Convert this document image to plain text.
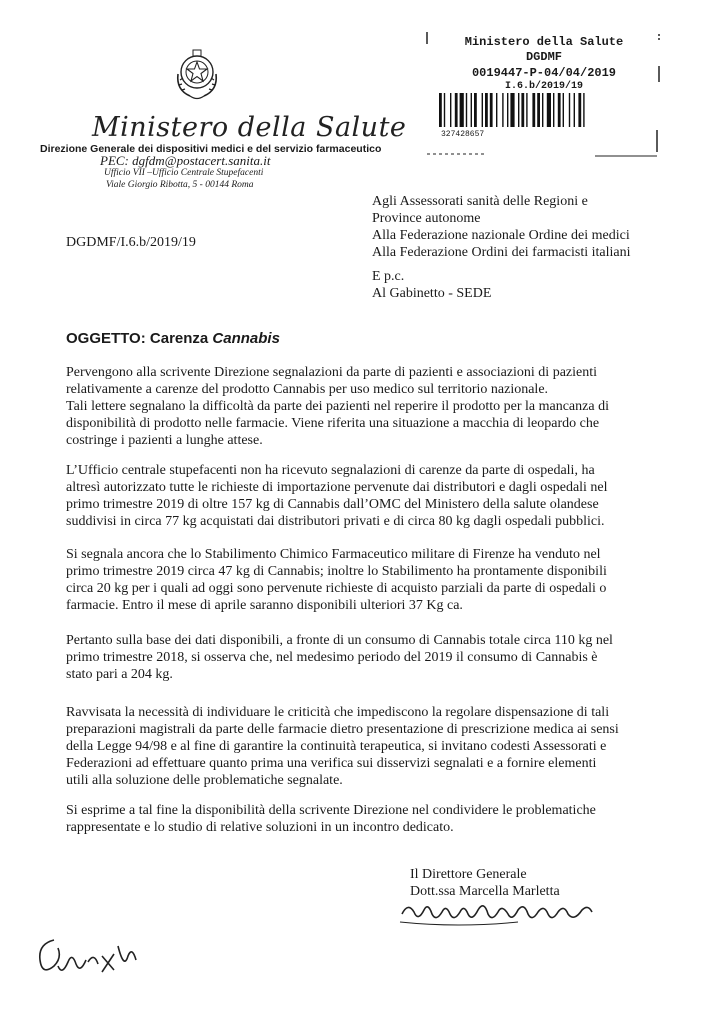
Ministero della Salute
Direzione Generale dei dispositivi medici e del servizio farmaceutico
PEC: dgfdm@postacert.sanita.it
Ufficio VII –Ufficio Centrale Stupefacenti
Viale Giorgio Ribotta, 5 - 00144 Roma
Ministero della Salute
DGDMF
0019447-P-04/04/2019
I.6.b/2019/19
327428657
Agli Assessorati sanità delle Regioni e
Province autonome
Alla Federazione nazionale Ordine dei medici
Alla Federazione Ordini dei farmacisti italiani
DGDMF/I.6.b/2019/19
E p.c.
Al Gabinetto - SEDE
OGGETTO: Carenza Cannabis
Pervengono alla scrivente Direzione segnalazioni da parte di pazienti e associazioni di pazienti
relativamente a carenze del prodotto Cannabis per uso medico sul territorio nazionale.
Tali lettere segnalano la difficoltà da parte dei pazienti nel reperire il prodotto per la mancanza di
disponibilità di prodotto nelle farmacie. Viene riferita una situazione a macchia di leopardo che
costringe i pazienti a lunghe attese.
L’Ufficio centrale stupefacenti non ha ricevuto segnalazioni di carenze da parte di ospedali, ha
altresì autorizzato tutte le richieste di importazione pervenute dai distributori e dagli ospedali nel
primo trimestre 2019 di oltre 157 kg di Cannabis dall’OMC del Ministero della salute olandese
suddivisi in circa 77 kg acquistati dai distributori privati e di circa 80 kg dagli ospedali pubblici.
Si segnala ancora che lo Stabilimento Chimico Farmaceutico militare di Firenze ha venduto nel
primo trimestre 2019 circa 47 kg di Cannabis; inoltre lo Stabilimento ha prontamente disponibili
circa 20 kg per i quali ad oggi sono pervenute richieste di acquisto parziali da parte di ospedali o
farmacie. Entro il mese di aprile saranno disponibili ulteriori 37 Kg ca.
Pertanto sulla base dei dati disponibili, a fronte di un consumo di Cannabis totale circa 110 kg nel
primo trimestre 2018, si osserva che, nel medesimo periodo del 2019 il consumo di Cannabis è
stato pari a 204 kg.
Ravvisata la necessità di individuare le criticità che impediscono la regolare dispensazione di tali
preparazioni magistrali da parte delle farmacie dietro presentazione di prescrizione medica ai sensi
della Legge 94/98 e al fine di garantire la continuità terapeutica, si invitano codesti Assessorati e
Federazioni ad effettuare quanto prima una verifica sui disservizi segnalati e a fornire elementi
utili alla soluzione delle problematiche segnalate.
Si esprime a tal fine la disponibilità della scrivente Direzione nel condividere le problematiche
rappresentate e lo studio di relative soluzioni in un incontro dedicato.
Il Direttore Generale
Dott.ssa Marcella Marletta
